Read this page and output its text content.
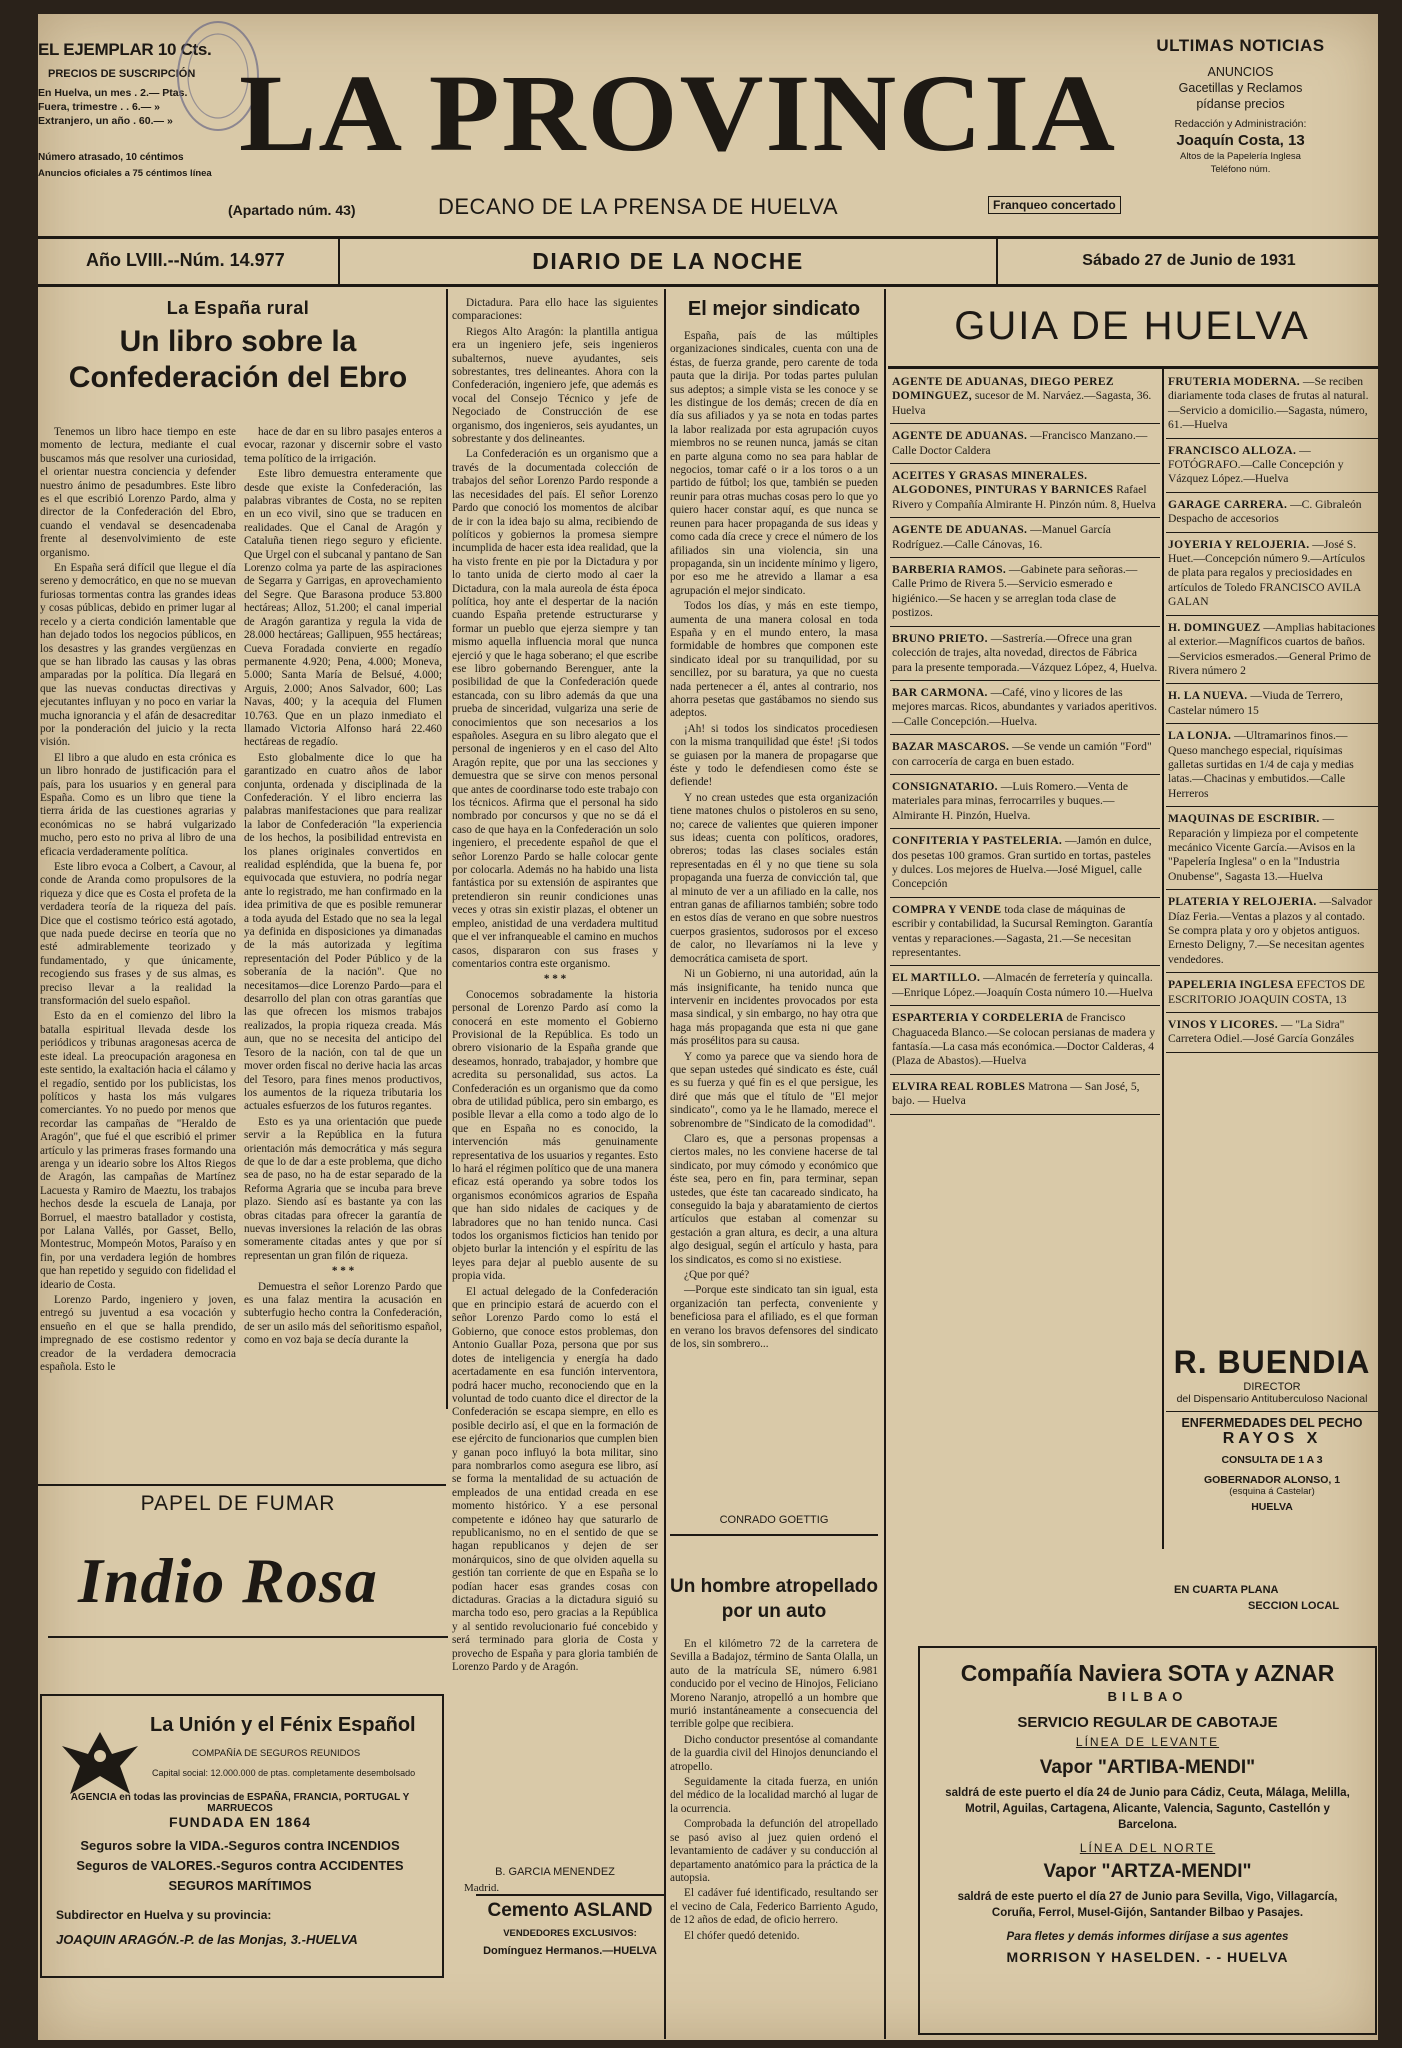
EL EJEMPLAR 10 Cts.
PRECIOS DE SUSCRIPCIÓN
En Huelva, un mes . 2.— Ptas.
Fuera, trimestre . . 6.— »
Extranjero, un año . 60.— »
Número atrasado, 10 céntimos
Anuncios oficiales a 75 céntimos línea LA PROVINCIA
(Apartado núm. 43)	DECANO DE LA PRENSA DE HUELVA	Franqueo concertado
ULTIMAS NOTICIAS
ANUNCIOS
Gacetillas y Reclamos
pídanse precios
Redacción y Administración:
Joaquín Costa, 13
Altos de la Papelería Inglesa
Teléfono núm.
Año LVIII.--Núm. 14.977	DIARIO DE LA NOCHE	Sábado 27 de Junio de 1931
La España rural
Un libro sobre la Confederación del Ebro

Tenemos un libro hace tiempo en este momento de lectura, mediante el cual buscamos más que resolver una curiosidad, el orientar nuestra conciencia y defender nuestro ánimo de pesadumbres. Este libro es el que escribió Lorenzo Pardo, alma y director de la Confederación del Ebro, cuando el vendaval se desencadenaba frente al desenvolvimiento de este organismo.

En España será difícil que llegue el día sereno y democrático, en que no se muevan furiosas tormentas contra las grandes ideas y cosas públicas, debido en primer lugar al recelo y a cierta condición lamentable que han dejado todos los negocios públicos, en los desastres y las grandes vergüenzas en que se han librado las causas y las obras amparadas por la política. Día llegará en que las nuevas conductas directivas y ejecutantes influyan y no poco en variar la mucha ignorancia y el afán de desacreditar por la ponderación del juicio y la recta visión.

El libro a que aludo en esta crónica es un libro honrado de justificación para el país, para los usuarios y en general para España. Como es un libro que tiene la tierra árida de las cuestiones agrarias y económicas no se habrá vulgarizado mucho, pero esto no priva al libro de una eficacia verdaderamente política.

Este libro evoca a Colbert, a Cavour, al conde de Aranda como propulsores de la riqueza y dice que es Costa el profeta de la verdadera teoría de la riqueza del país. Dice que el costismo teórico está agotado, que nada puede decirse en teoría que no esté admirablemente teorizado y fundamentado, y que únicamente, recogiendo sus frases y de sus almas, es preciso llevar a la realidad la transformación del suelo español.

Esto da en el comienzo del libro la batalla espiritual llevada desde los periódicos y tribunas aragonesas acerca de este ideal. La preocupación aragonesa en este sentido, la exaltación hacia el cálamo y el regadío, sentido por los publicistas, los políticos y hasta los más vulgares comerciantes. Yo no puedo por menos que recordar las campañas de "Heraldo de Aragón", que fué el que escribió el primer artículo y las primeras frases formando una arenga y un ideario sobre los Altos Riegos de Aragón, las campañas de Martínez Lacuesta y Ramiro de Maeztu, los trabajos hechos desde la escuela de Lanaja, por Borruel, el maestro batallador y costista, por Lalana Vallés, por Gasset, Bello, Montestruc, Mompeón Motos, Paraíso y en fin, por una verdadera legión de hombres que han repetido y seguido con fidelidad el ideario de Costa.

Lorenzo Pardo, ingeniero y joven, entregó su juventud a esa vocación y ensueño en el que se halla prendido, impregnado de ese costismo redentor y creador de la verdadera democracia española. Esto le

hace de dar en su libro pasajes enteros a evocar, razonar y discernir sobre el vasto tema político de la irrigación.

Este libro demuestra enteramente que desde que existe la Confederación, las palabras vibrantes de Costa, no se repiten en un eco vivil, sino que se traducen en realidades. Que el Canal de Aragón y Cataluña tienen riego seguro y eficiente. Que Urgel con el subcanal y pantano de San Lorenzo colma ya parte de las aspiraciones de Segarra y Garrigas, en aprovechamiento del Segre. Que Barasona produce 53.800 hectáreas; Alloz, 51.200; el canal imperial de Aragón garantiza y regula la vida de 28.000 hectáreas; Gallipuen, 955 hectáreas; Cueva Foradada convierte en regadío permanente 4.920; Pena, 4.000; Moneva, 5.000; Santa María de Belsué, 4.000; Arguis, 2.000; Anos Salvador, 600; Las Navas, 400; y la acequia del Flumen 10.763. Que en un plazo inmediato el llamado Victoria Alfonso hará 22.460 hectáreas de regadío.

Esto globalmente dice lo que ha garantizado en cuatro años de labor conjunta, ordenada y disciplinada de la Confederación. Y el libro encierra las palabras manifestaciones que para realizar la labor de Confederación "la experiencia de los hechos, la posibilidad entrevista en los planes originales convertidos en realidad espléndida, que la buena fe, por equivocada que estuviera, no podría negar ante lo registrado, me han confirmado en la idea primitiva de que es posible remunerar a toda ayuda del Estado que no sea la legal ya definida en disposiciones ya dimanadas de la más autorizada y legítima representación del Poder Público y de la soberanía de la nación". Que no necesitamos—dice Lorenzo Pardo—para el desarrollo del plan con otras garantías que las que ofrecen los mismos trabajos realizados, la propia riqueza creada. Más aun, que no se necesita del anticipo del Tesoro de la nación, con tal de que un mover orden fiscal no derive hacia las arcas del Tesoro, para fines menos productivos, los aumentos de la riqueza tributaria los actuales esfuerzos de los futuros regantes.

Esto es ya una orientación que puede servir a la República en la futura orientación más democrática y más segura de que lo de dar a este problema, que dicho sea de paso, no ha de estar separado de la Reforma Agraria que se incuba para breve plazo. Siendo así es bastante ya con las obras citadas para ofrecer la garantía de nuevas inversiones la relación de las obras someramente citadas antes y que por sí representan un gran filón de riqueza.

* * *

Demuestra el señor Lorenzo Pardo que es una falaz mentira la acusación en subterfugio hecho contra la Confederación, de ser un asilo más del señoritismo español, como en voz baja se decía durante la

Dictadura. Para ello hace las siguientes comparaciones:

Riegos Alto Aragón: la plantilla antigua era un ingeniero jefe, seis ingenieros subalternos, nueve ayudantes, seis sobrestantes, tres delineantes. Ahora con la Confederación, ingeniero jefe, que además es vocal del Consejo Técnico y jefe de Negociado de Construcción de ese organismo, dos ingenieros, seis ayudantes, un sobrestante y dos delineantes.

La Confederación es un organismo que a través de la documentada colección de trabajos del señor Lorenzo Pardo responde a las necesidades del país. El señor Lorenzo Pardo que conoció los momentos de alcibar de ir con la idea bajo su alma, recibiendo de políticos y gobiernos la promesa siempre incumplida de hacer esta idea realidad, que la ha visto frente en pie por la Dictadura y por lo tanto unida de cierto modo al caer la Dictadura, con la mala aureola de ésta época política, hoy ante el despertar de la nación cuando España pretende estructurarse y formar un pueblo que ejerza siempre y tan mismo aquella influencia moral que nunca ejerció y que le haga soberano; el que escribe ese libro gobernando Berenguer, ante la posibilidad de que la Confederación quede estancada, con su libro además da que una prueba de sinceridad, vulgariza una serie de conocimientos que son necesarios a los españoles. Asegura en su libro alegato que el personal de ingenieros y en el caso del Alto Aragón repite, que por una las secciones y demuestra que se sirve con menos personal que antes de coordinarse todo este trabajo con los técnicos. Afirma que el personal ha sido nombrado por concursos y que no se dá el caso de que haya en la Confederación un solo ingeniero, el precedente español de que el señor Lorenzo Pardo se halle colocar gente por colocarla. Además no ha habido una lista fantástica por su extensión de aspirantes que pretendieron sin reunir condiciones unas veces y otras sin existir plazas, el obtener un empleo, anistidad de una verdadera multitud que el ver infranqueable el camino en muchos casos, dispararon con sus frases y comentarios contra este organismo.

* * *

Conocemos sobradamente la historia personal de Lorenzo Pardo así como la conocerá en este momento el Gobierno Provisional de la República. Es todo un obrero visionario de la España grande que deseamos, honrado, trabajador, y hombre que acredita su personalidad, sus actos. La Confederación es un organismo que da como obra de utilidad pública, pero sin embargo, es posible llevar a ella como a todo algo de lo que en España no es conocido, la intervención más genuinamente representativa de los usuarios y regantes. Esto lo hará el régimen político que de una manera eficaz está operando ya sobre todos los organismos económicos agrarios de España que han sido nidales de caciques y de labradores que no han tenido nunca. Casi todos los organismos ficticios han tenido por objeto burlar la intención y el espíritu de las leyes para dejar al pueblo ausente de su propia vida.

El actual delegado de la Confederación que en principio estará de acuerdo con el señor Lorenzo Pardo como lo está el Gobierno, que conoce estos problemas, don Antonio Guallar Poza, persona que por sus dotes de inteligencia y energía ha dado acertadamente en esa función interventora, podrá hacer mucho, reconociendo que en la voluntad de todo cuanto dice el director de la Confederación se escapa siempre, en ello es posible decirlo así, el que en la formación de ese ejército de funcionarios que cumplen bien y ganan poco influyó la bota militar, sino para nombrarlos como asegura ese libro, así se forma la mentalidad de su actuación de empleados de una entidad creada en ese momento histórico. Y a ese personal competente e idóneo hay que saturarlo de republicanismo, no en el sentido de que se hagan republicanos y dejen de ser monárquicos, sino de que olviden aquella su gestión tan corriente de que en España se lo podían hacer esas grandes cosas con dictaduras. Gracias a la dictadura siguió su marcha todo eso, pero gracias a la República y al sentido revolucionario fué concebido y será terminado para gloria de Costa y provecho de España y para gloria también de Lorenzo Pardo y de Aragón.

B. GARCIA MENENDEZ
Madrid.
El mejor sindicato

España, país de las múltiples organizaciones sindicales, cuenta con una de éstas, de fuerza grande, pero carente de toda pauta que la dirija. Por todas partes pululan sus adeptos; a simple vista se les conoce y se les distingue de los demás; crecen de día en día sus afiliados y ya se nota en todas partes la labor realizada por esta agrupación cuyos miembros no se reunen nunca, jamás se citan en parte alguna como no sea para hablar de negocios, tomar café o ir a los toros o a un partido de fútbol; los que, también se pueden reunir para otras muchas cosas pero lo que yo quiero hacer constar aquí, es que nunca se reunen para hacer propaganda de sus ideas y como cada día crece y crece el número de los afiliados sin una violencia, sin una propaganda, sin un incidente mínimo y ligero, por eso me he atrevido a llamar a esa agrupación el mejor sindicato.

Todos los días, y más en este tiempo, aumenta de una manera colosal en toda España y en el mundo entero, la masa formidable de hombres que componen este sindicato ideal por su tranquilidad, por su sencillez, por su baratura, ya que no cuesta nada pertenecer a él, antes al contrario, nos ahorra pesetas que gastábamos no siendo sus adeptos.

¡Ah! si todos los sindicatos procediesen con la misma tranquilidad que éste! ¡Si todos se guiasen por la manera de propagarse que éste y todo le defendiesen como éste se defiende!

Y no crean ustedes que esta organización tiene matones chulos o pistoleros en su seno, no; carece de valientes que quieren imponer sus ideas; cuenta con políticos, oradores, obreros; todas las clases sociales están representadas en él y no que tiene su sola propaganda una fuerza de convicción tal, que al minuto de ver a un afiliado en la calle, nos entran ganas de afiliarnos también; sobre todo en estos días de verano en que sobre nuestros cuerpos grasientos, sudorosos por el exceso de calor, no llevaríamos ni la leve y democrática camiseta de sport.

Ni un Gobierno, ni una autoridad, aún la más insignificante, ha tenido nunca que intervenir en incidentes provocados por esta masa sindical, y sin embargo, no hay otra que haga más propaganda que esta ni que gane más prosélitos para su causa.

Y como ya parece que va siendo hora de que sepan ustedes qué sindicato es éste, cuál es su fuerza y qué fin es el que persigue, les diré que más que el título de "El mejor sindicato", como ya le he llamado, merece el sobrenombre de "Sindicato de la comodidad".

Claro es, que a personas propensas a ciertos males, no les conviene hacerse de tal sindicato, por muy cómodo y económico que éste sea, pero en fin, para terminar, sepan ustedes, que éste tan cacareado sindicato, ha conseguido la baja y abaratamiento de ciertos artículos que estaban al comenzar su gestación a gran altura, es decir, a una altura algo desigual, según el artículo y hasta, para los sindicatos, es como si no existiese.

¿Que por qué?

—Porque este sindicato tan sin igual, esta organización tan perfecta, conveniente y beneficiosa para el afiliado, es el que forman en verano los bravos defensores del sindicato de los, sin sombrero...

CONRADO GOETTIG
Un hombre atropellado por un auto

En el kilómetro 72 de la carretera de Sevilla a Badajoz, término de Santa Olalla, un auto de la matrícula SE, número 6.981 conducido por el vecino de Hinojos, Feliciano Moreno Naranjo, atropelló a un hombre que murió instantáneamente a consecuencia del terrible golpe que recibiera.

Dicho conductor presentóse al comandante de la guardia civil del Hinojos denunciando el atropello.

Seguidamente la citada fuerza, en unión del médico de la localidad marchó al lugar de la ocurrencia.

Comprobada la defunción del atropellado se pasó aviso al juez quien ordenó el levantamiento de cadáver y su conducción al departamento anatómico para la práctica de la autopsia.

El cadáver fué identificado, resultando ser el vecino de Cala, Federico Barriento Agudo, de 12 años de edad, de oficio herrero.

El chófer quedó detenido.

PAPEL DE FUMAR
Indio Rosa
La Unión y el Fénix Español
COMPAÑÍA DE SEGUROS REUNIDOS
Capital social: 12.000.000 de ptas. completamente desembolsado
AGENCIA en todas las provincias de ESPAÑA, FRANCIA, PORTUGAL Y MARRUECOS
FUNDADA EN 1864
Seguros sobre la VIDA.-Seguros contra INCENDIOS
Seguros de VALORES.-Seguros contra ACCIDENTES
SEGUROS MARÍTIMOS
Subdirector en Huelva y su provincia:
JOAQUIN ARAGÓN.-P. de las Monjas, 3.-HUELVA
Cemento ASLAND
VENDEDORES EXCLUSIVOS:
Domínguez Hermanos.—HUELVA
GUIA DE HUELVA
AGENTE DE ADUANAS, DIEGO PEREZ DOMINGUEZ, sucesor de M. Narváez.—Sagasta, 36. Huelva
AGENTE DE ADUANAS. —Francisco Manzano.—Calle Doctor Caldera
ACEITES Y GRASAS MINERALES. ALGODONES, PINTURAS Y BARNICES Rafael Rivero y Compañía Almirante H. Pinzón núm. 8, Huelva
AGENTE DE ADUANAS. —Manuel García Rodríguez.—Calle Cánovas, 16.
BARBERIA RAMOS. —Gabinete para señoras.—Calle Primo de Rivera 5.—Servicio esmerado e higiénico.—Se hacen y se arreglan toda clase de postizos.
BRUNO PRIETO. —Sastrería.—Ofrece una gran colección de trajes, alta novedad, directos de Fábrica para la presente temporada.—Vázquez López, 4, Huelva.
BAR CARMONA. —Café, vino y licores de las mejores marcas. Ricos, abundantes y variados aperitivos.—Calle Concepción.—Huelva.
BAZAR MASCAROS. —Se vende un camión "Ford" con carrocería de carga en buen estado.
CONSIGNATARIO. —Luis Romero.—Venta de materiales para minas, ferrocarriles y buques.—Almirante H. Pinzón, Huelva.
CONFITERIA Y PASTELERIA. —Jamón en dulce, dos pesetas 100 gramos. Gran surtido en tortas, pasteles y dulces. Los mejores de Huelva.—José Miguel, calle Concepción
COMPRA Y VENDE toda clase de máquinas de escribir y contabilidad, la Sucursal Remington. Garantía ventas y reparaciones.—Sagasta, 21.—Se necesitan representantes.
EL MARTILLO. —Almacén de ferretería y quincalla.—Enrique López.—Joaquín Costa número 10.—Huelva
ESPARTERIA Y CORDELERIA de Francisco Chaguaceda Blanco.—Se colocan persianas de madera y fantasía.—La casa más económica.—Doctor Calderas, 4 (Plaza de Abastos).—Huelva
ELVIRA REAL ROBLES Matrona — San José, 5, bajo. — Huelva
FRUTERIA MODERNA. —Se reciben diariamente toda clases de frutas al natural.—Servicio a domicilio.—Sagasta, número, 61.—Huelva
FRANCISCO ALLOZA. —FOTÓGRAFO.—Calle Concepción y Vázquez López.—Huelva
GARAGE CARRERA. —C. Gibraleón Despacho de accesorios
JOYERIA Y RELOJERIA. —José S. Huet.—Concepción número 9.—Artículos de plata para regalos y preciosidades en artículos de Toledo FRANCISCO AVILA GALAN
H. DOMINGUEZ —Amplias habitaciones al exterior.—Magníficos cuartos de baños.—Servicios esmerados.—General Primo de Rivera número 2
H. LA NUEVA. —Viuda de Terrero, Castelar número 15
LA LONJA. —Ultramarinos finos.—Queso manchego especial, riquísimas galletas surtidas en 1/4 de caja y medias latas.—Chacinas y embutidos.—Calle Herreros
MAQUINAS DE ESCRIBIR. —Reparación y limpieza por el competente mecánico Vicente García.—Avisos en la "Papelería Inglesa" o en la "Industria Onubense", Sagasta 13.—Huelva
PLATERIA Y RELOJERIA. —Salvador Díaz Feria.—Ventas a plazos y al contado. Se compra plata y oro y objetos antiguos. Ernesto Deligny, 7.—Se necesitan agentes vendedores.
PAPELERIA INGLESA EFECTOS DE ESCRITORIO JOAQUIN COSTA, 13
VINOS Y LICORES. — "La Sidra" Carretera Odiel.—José García Gonzáles
R. BUENDIA
DIRECTOR
del Dispensario Antituberculoso Nacional
ENFERMEDADES DEL PECHO
RAYOS X
CONSULTA DE 1 A 3
GOBERNADOR ALONSO, 1
(esquina á Castelar)
HUELVA
EN CUARTA PLANA
SECCION LOCAL
Compañía Naviera SOTA y AZNAR
BILBAO
SERVICIO REGULAR DE CABOTAJE
LÍNEA DE LEVANTE
Vapor "ARTIBA-MENDI"
saldrá de este puerto el día 24 de Junio para Cádiz, Ceuta, Málaga, Melilla, Motril, Aguilas, Cartagena, Alicante, Valencia, Sagunto, Castellón y Barcelona.
LÍNEA DEL NORTE
Vapor "ARTZA-MENDI"
saldrá de este puerto el día 27 de Junio para Sevilla, Vigo, Villagarcía, Coruña, Ferrol, Musel-Gijón, Santander Bilbao y Pasajes.
Para fletes y demás informes diríjase a sus agentes
MORRISON Y HASELDEN. - - HUELVA
